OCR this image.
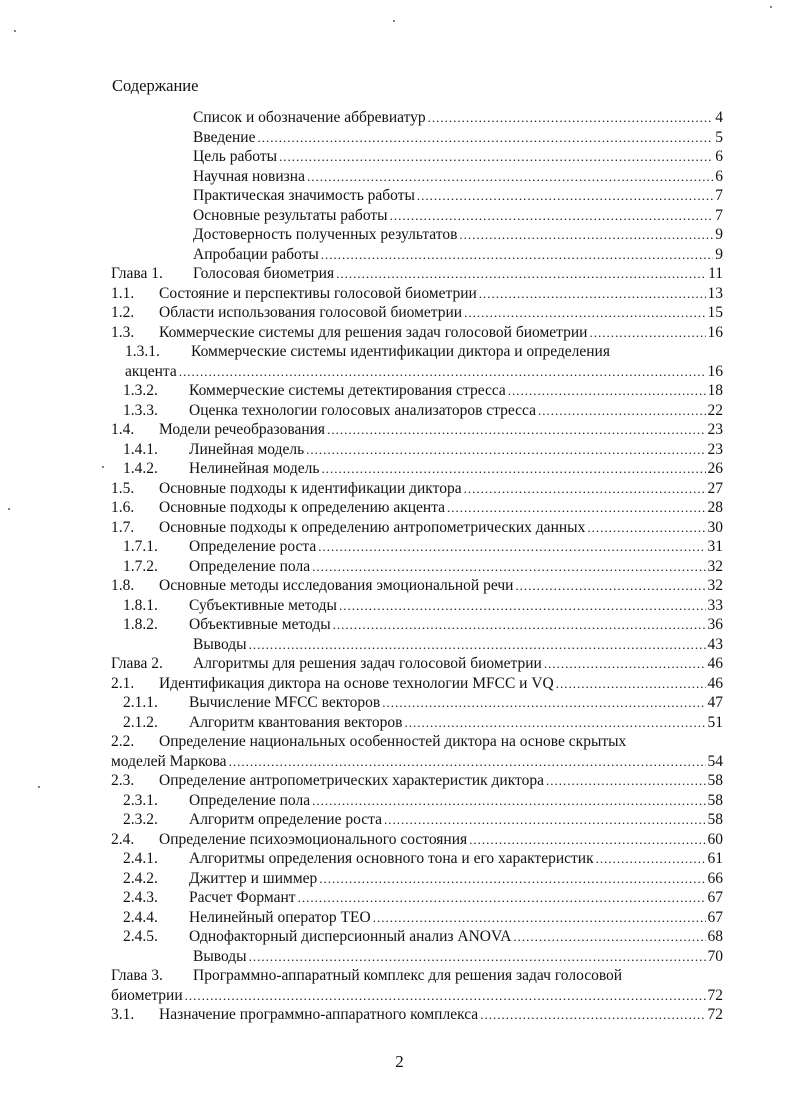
Содержание
Список и обозначение аббревиатур .....	4
Введение .....	5
Цель работы .....	6
Научная новизна .....	6
Практическая значимость работы .....	7
Основные результаты работы .....	7
Достоверность полученных результатов .....	9
Апробации работы .....	9
Глава 1.	Голосовая биометрия .....	11
1.1.	Состояние и перспективы голосовой биометрии .....	13
1.2.	Области использования голосовой биометрии .....	15
1.3.	Коммерческие системы для решения задач голосовой биометрии .....	16
1.3.1. Коммерческие системы идентификации диктора и определения
акцента .....	16
1.3.2.	Коммерческие системы детектирования стресса .....	18
1.3.3.	Оценка технологии голосовых анализаторов стресса .....	22
1.4.	Модели речеобразования .....	23
1.4.1.	Линейная модель .....	23
1.4.2.	Нелинейная модель .....	26
1.5.	Основные подходы к идентификации диктора .....	27
1.6.	Основные подходы к определению акцента .....	28
1.7.	Основные подходы к определению антропометрических данных .....	30
1.7.1.	Определение роста .....	31
1.7.2.	Определение пола .....	32
1.8.	Основные методы исследования эмоциональной речи .....	32
1.8.1.	Субъективные методы .....	33
1.8.2.	Объективные методы .....	36
Выводы .....	43
Глава 2.	Алгоритмы для решения задач голосовой биометрии .....	46
2.1.	Идентификация диктора на основе технологии MFCC и VQ .....	46
2.1.1.	Вычисление MFCC векторов .....	47
2.1.2.	Алгоритм квантования векторов .....	51
2.2. Определение национальных особенностей диктора на основе скрытых
моделей Маркова .....	54
2.3.	Определение антропометрических характеристик диктора .....	58
2.3.1.	Определение пола .....	58
2.3.2.	Алгоритм определение роста .....	58
2.4.	Определение психоэмоционального состояния .....	60
2.4.1.	Алгоритмы определения основного тона и его характеристик .....	61
2.4.2.	Джиттер и шиммер .....	66
2.4.3.	Расчет Формант .....	67
2.4.4.	Нелинейный оператор TEO .....	67
2.4.5.	Однофакторный дисперсионный анализ ANOVA .....	68
Выводы .....	70
Глава 3. Программно-аппаратный комплекс для решения задач голосовой
биометрии .....	72
3.1.	Назначение программно-аппаратного комплекса .....	72
2
